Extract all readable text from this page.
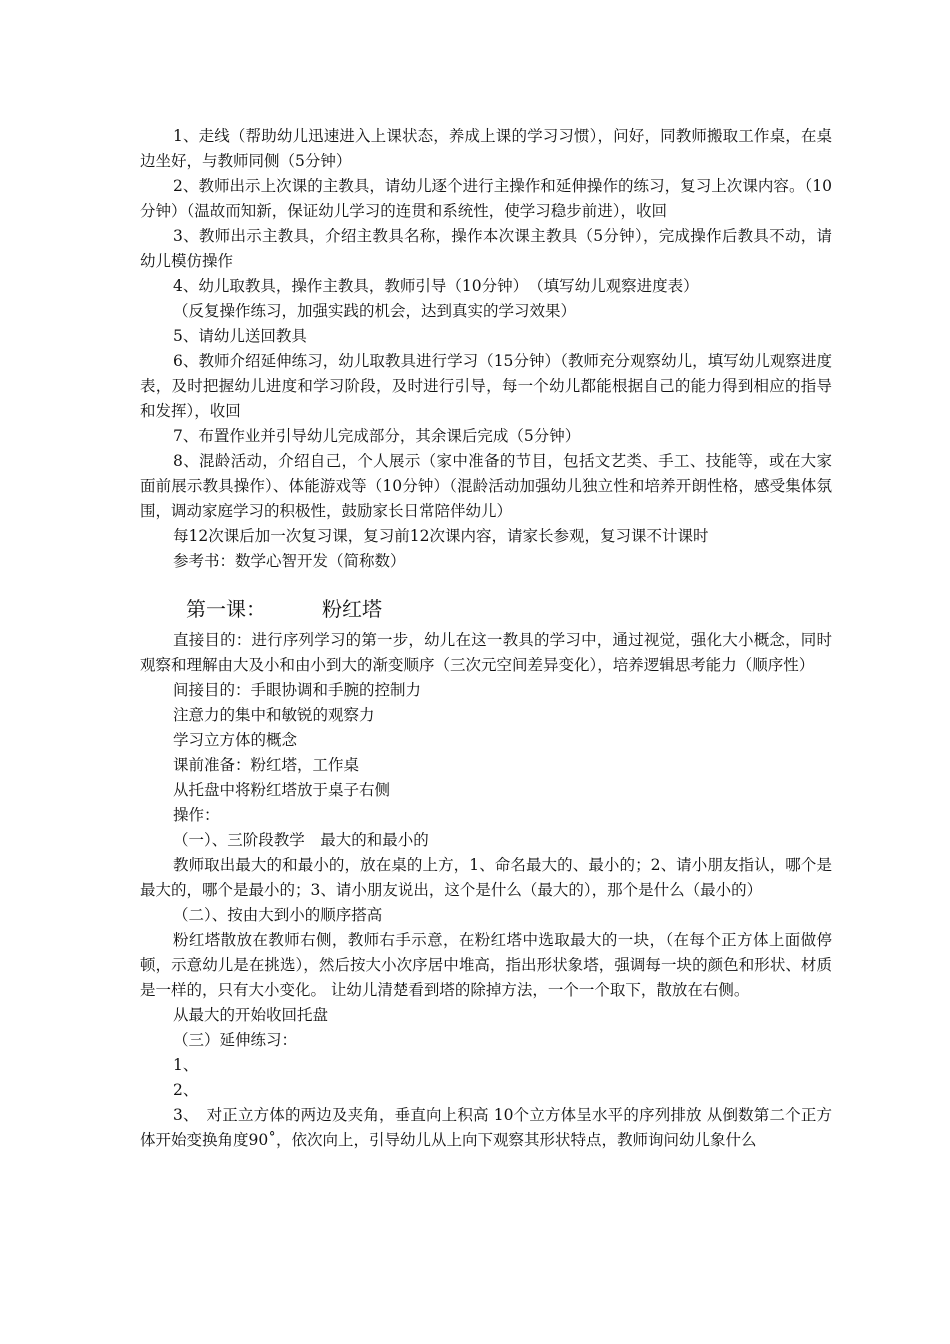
1、走线（帮助幼儿迅速进入上课状态，养成上课的学习习惯），问好，同教师搬取工作桌，在桌边坐好，与教师同侧（5分钟）

2、教师出示上次课的主教具，请幼儿逐个进行主操作和延伸操作的练习，复习上次课内容。（10分钟）（温故而知新，保证幼儿学习的连贯和系统性，使学习稳步前进），收回

3、教师出示主教具，介绍主教具名称，操作本次课主教具（5分钟），完成操作后教具不动，请幼儿模仿操作

4、幼儿取教具，操作主教具，教师引导（10分钟）　（填写幼儿观察进度表）

（反复操作练习，加强实践的机会，达到真实的学习效果）

5、请幼儿送回教具

6、教师介绍延伸练习，幼儿取教具进行学习（15分钟）（教师充分观察幼儿，填写幼儿观察进度表，及时把握幼儿进度和学习阶段，及时进行引导，每一个幼儿都能根据自己的能力得到相应的指导和发挥），收回

7、布置作业并引导幼儿完成部分，其余课后完成（5分钟）

8、混龄活动，介绍自己，个人展示（家中准备的节目，包括文艺类、手工、技能等，或在大家面前展示教具操作）、体能游戏等（10分钟）（混龄活动加强幼儿独立性和培养开朗性格，感受集体氛围，调动家庭学习的积极性，鼓励家长日常陪伴幼儿）

每12次课后加一次复习课，复习前12次课内容，请家长参观，复习课不计课时

参考书：数学心智开发（简称数）

第一课：	粉红塔

直接目的：进行序列学习的第一步，幼儿在这一教具的学习中，通过视觉，强化大小概念，同时观察和理解由大及小和由小到大的渐变顺序（三次元空间差异变化），培养逻辑思考能力（顺序性）

间接目的：手眼协调和手腕的控制力

注意力的集中和敏锐的观察力

学习立方体的概念

课前准备：粉红塔，工作桌

从托盘中将粉红塔放于桌子右侧

操作：

（一）、三阶段教学　最大的和最小的

教师取出最大的和最小的，放在桌的上方，1、命名最大的、最小的；2、请小朋友指认，哪个是最大的，哪个是最小的；3、请小朋友说出，这个是什么（最大的），那个是什么（最小的）

（二）、按由大到小的顺序搭高

粉红塔散放在教师右侧，教师右手示意，在粉红塔中选取最大的一块，（在每个正方体上面做停顿，示意幼儿是在挑选），然后按大小次序居中堆高，指出形状象塔，强调每一块的颜色和形状、材质是一样的，只有大小变化。 让幼儿清楚看到塔的除掉方法，一个一个取下，散放在右侧。

从最大的开始收回托盘

（三）延伸练习：

1、

2、

3、　对正立方体的两边及夹角，垂直向上积高 10个立方体呈水平的序列排放 从倒数第二个正方体开始变换角度90˚，依次向上，引导幼儿从上向下观察其形状特点，教师询问幼儿象什么
